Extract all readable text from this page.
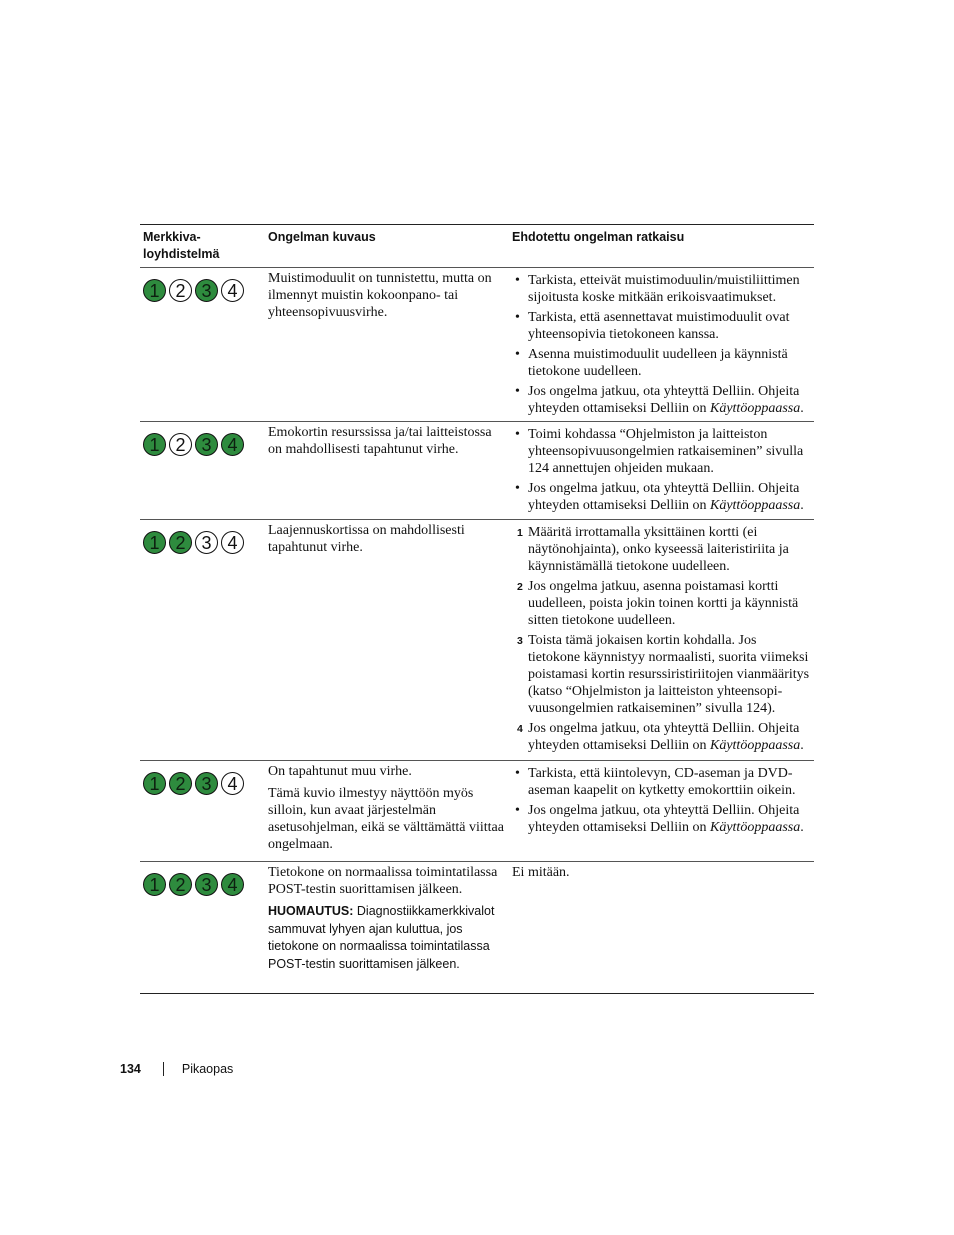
Merkkiva-
loyhdistelmä
Ongelman kuvaus	Ehdotettu ongelman ratkaisu
1 2 3 4

Muistimoduulit on tunnistettu, mutta on ilmennyt muistin kokoonpano- tai yhteensopivuusvirhe.

• Tarkista, etteivät muistimoduulin/muistiliittimen sijoitusta koske mitkään erikoisvaatimukset.
• Tarkista, että asennettavat muistimoduulit ovat yhteensopivia tietokoneen kanssa.
• Asenna muistimoduulit uudelleen ja käynnistä tietokone uudelleen.
• Jos ongelma jatkuu, ota yhteyttä Delliin. Ohjeita yhteyden ottamiseksi Delliin on Käyttöoppaassa.
1 2 3 4

Emokortin resurssissa ja/tai laitteistossa on mahdollisesti tapahtunut virhe.

• Toimi kohdassa “Ohjelmiston ja laitteiston yhteensopivuusongelmien ratkaiseminen” sivulla 124 annettujen ohjeiden mukaan.
• Jos ongelma jatkuu, ota yhteyttä Delliin. Ohjeita yhteyden ottamiseksi Delliin on Käyttöoppaassa.
1 2 3 4

Laajennuskortissa on mahdollisesti tapahtunut virhe.

1 Määritä irrottamalla yksittäinen kortti (ei näytönohjainta), onko kyseessä laiteristiriita ja käynnistämällä tietokone uudelleen.
2 Jos ongelma jatkuu, asenna poistamasi kortti uudelleen, poista jokin toinen kortti ja käynnistä sitten tietokone uudelleen.
3 Toista tämä jokaisen kortin kohdalla. Jos tietokone käynnistyy normaalisti, suorita viimeksi poistamasi kortin resurssiristiriitojen vianmääritys (katso “Ohjelmiston ja laitteiston yhteensopi-vuusongelmien ratkaiseminen” sivulla 124).
4 Jos ongelma jatkuu, ota yhteyttä Delliin. Ohjeita yhteyden ottamiseksi Delliin on Käyttöoppaassa.
1 2 3 4

On tapahtunut muu virhe.

Tämä kuvio ilmestyy näyttöön myös silloin, kun avaat järjestelmän asetusohjelman, eikä se välttämättä viittaa ongelmaan.

• Tarkista, että kiintolevyn, CD-aseman ja DVD-aseman kaapelit on kytketty emokorttiin oikein.
• Jos ongelma jatkuu, ota yhteyttä Delliin. Ohjeita yhteyden ottamiseksi Delliin on Käyttöoppaassa.
1 2 3 4

Tietokone on normaalissa toimintatilassa POST-testin suorittamisen jälkeen.

HUOMAUTUS: Diagnostiikkamerkkivalot sammuvat lyhyen ajan kuluttua, jos tietokone on normaalissa toimintatilassa POST-testin suorittamisen jälkeen.

Ei mitään.

134	Pikaopas
